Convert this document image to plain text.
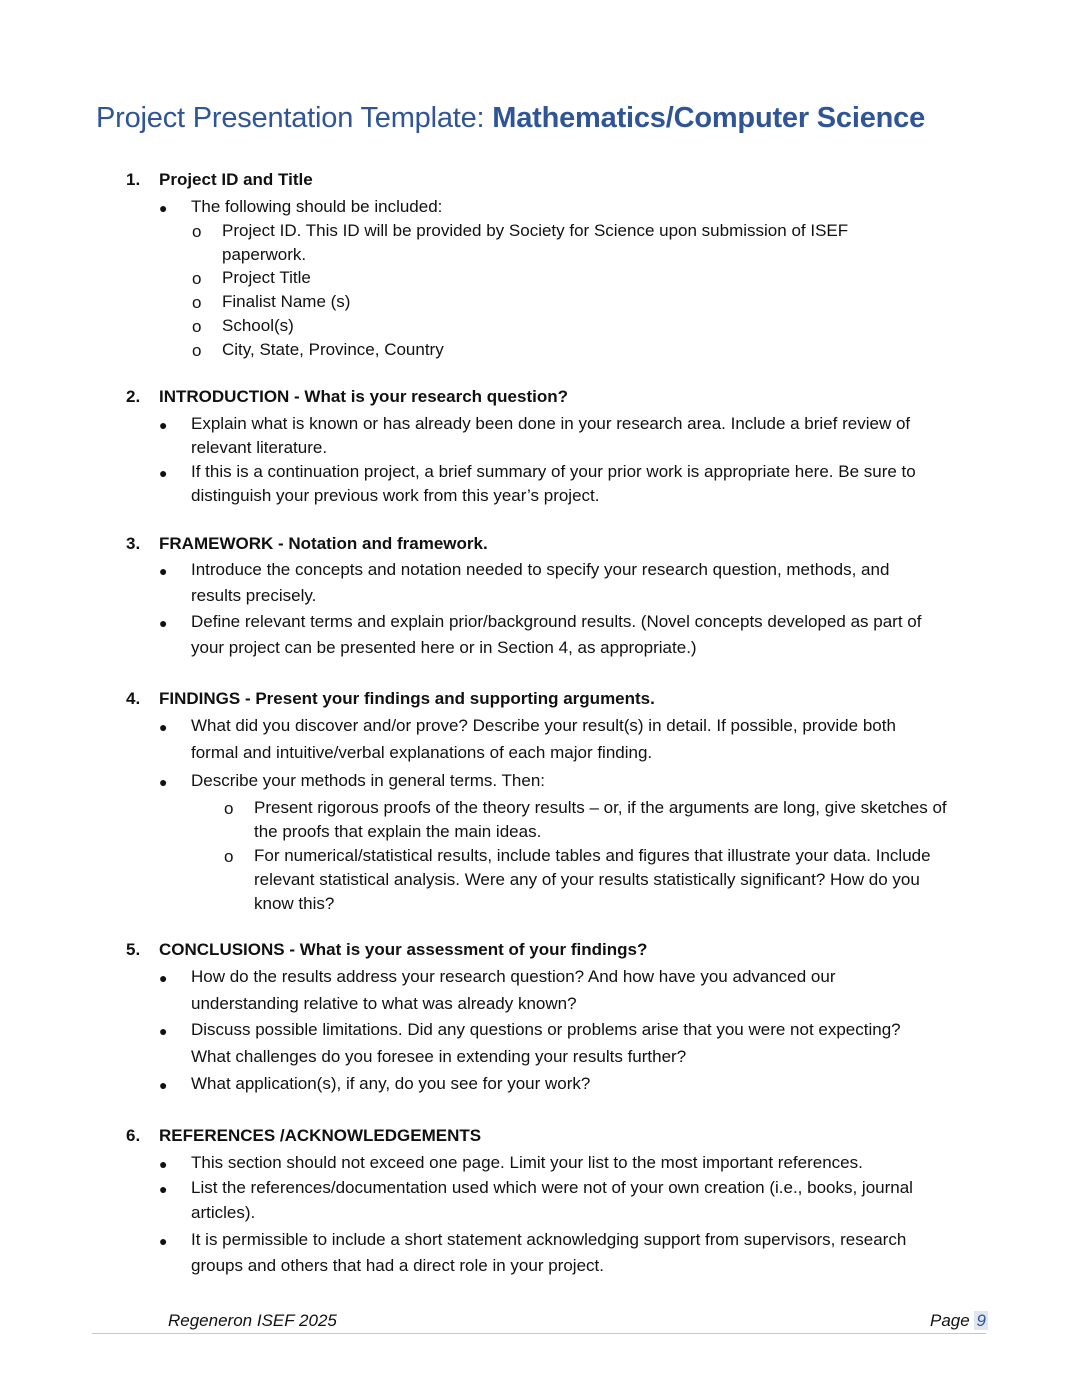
Project Presentation Template: Mathematics/Computer Science
1. Project ID and Title
● The following should be included:
o Project ID. This ID will be provided by Society for Science upon submission of ISEF
paperwork.
o Project Title
o Finalist Name (s)
o School(s)
o City, State, Province, Country
2. INTRODUCTION - What is your research question?
● Explain what is known or has already been done in your research area. Include a brief review of
relevant literature.
● If this is a continuation project, a brief summary of your prior work is appropriate here. Be sure to
distinguish your previous work from this year’s project.
3. FRAMEWORK - Notation and framework.
● Introduce the concepts and notation needed to specify your research question, methods, and
results precisely.
● Define relevant terms and explain prior/background results. (Novel concepts developed as part of
your project can be presented here or in Section 4, as appropriate.)
4. FINDINGS - Present your findings and supporting arguments.
● What did you discover and/or prove? Describe your result(s) in detail. If possible, provide both
formal and intuitive/verbal explanations of each major finding.
● Describe your methods in general terms. Then:
o Present rigorous proofs of the theory results – or, if the arguments are long, give sketches of
the proofs that explain the main ideas.
o For numerical/statistical results, include tables and figures that illustrate your data. Include
relevant statistical analysis. Were any of your results statistically significant? How do you
know this?
5. CONCLUSIONS - What is your assessment of your findings?
● How do the results address your research question? And how have you advanced our
understanding relative to what was already known?
● Discuss possible limitations. Did any questions or problems arise that you were not expecting?
What challenges do you foresee in extending your results further?
● What application(s), if any, do you see for your work?
6. REFERENCES /ACKNOWLEDGEMENTS
● This section should not exceed one page. Limit your list to the most important references.
● List the references/documentation used which were not of your own creation (i.e., books, journal
articles).
● It is permissible to include a short statement acknowledging support from supervisors, research
groups and others that had a direct role in your project.
Regeneron ISEF 2025	Page 9
